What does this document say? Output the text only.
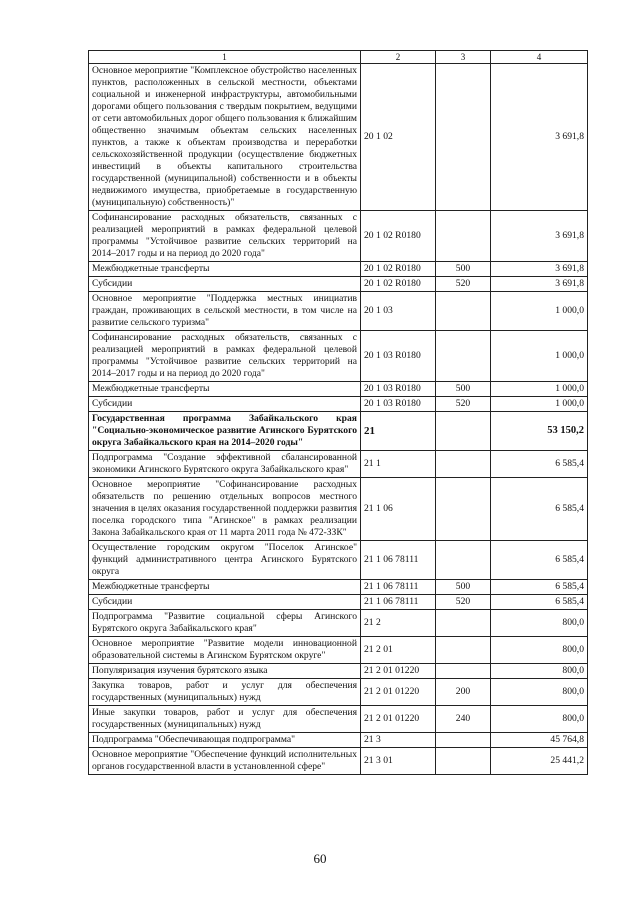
1	2	3	4
Основное мероприятие "Комплексное обустройство населенных пунктов, расположенных в сельской местности, объектами социальной и инженерной инфраструктуры, автомобильными дорогами общего пользования с твердым покрытием, ведущими от сети автомобильных дорог общего пользования к ближайшим общественно значимым объектам сельских населенных пунктов, а также к объектам производства и переработки сельскохозяйственной продукции (осуществление бюджетных инвестиций в объекты капитального строительства государственной (муниципальной) собственности и в объекты недвижимого имущества, приобретаемые в государственную (муниципальную) собственность)"	20 1 02		3 691,8
Софинансирование расходных обязательств, связанных с реализацией мероприятий в рамках федеральной целевой программы "Устойчивое развитие сельских территорий на 2014–2017 годы и на период до 2020 года"	20 1 02 R0180		3 691,8
Межбюджетные трансферты	20 1 02 R0180	500	3 691,8
Субсидии	20 1 02 R0180	520	3 691,8
Основное мероприятие "Поддержка местных инициатив граждан, проживающих в сельской местности, в том числе на развитие сельского туризма"	20 1 03		1 000,0
Софинансирование расходных обязательств, связанных с реализацией мероприятий в рамках федеральной целевой программы "Устойчивое развитие сельских территорий на 2014–2017 годы и на период до 2020 года"	20 1 03 R0180		1 000,0
Межбюджетные трансферты	20 1 03 R0180	500	1 000,0
Субсидии	20 1 03 R0180	520	1 000,0
Государственная программа Забайкальского края "Социально-экономическое развитие Агинского Бурятского округа Забайкальского края на 2014–2020 годы"	21		53 150,2
Подпрограмма "Создание эффективной сбалансированной экономики Агинского Бурятского округа Забайкальского края"	21 1		6 585,4
Основное мероприятие "Софинансирование расходных обязательств по решению отдельных вопросов местного значения в целях оказания государственной поддержки развития поселка городского типа "Агинское" в рамках реализации Закона Забайкальского края от 11 марта 2011 года № 472-ЗЗК"	21 1 06		6 585,4
Осуществление городским округом "Поселок Агинское" функций административного центра Агинского Бурятского округа	21 1 06 78111		6 585,4
Межбюджетные трансферты	21 1 06 78111	500	6 585,4
Субсидии	21 1 06 78111	520	6 585,4
Подпрограмма "Развитие социальной сферы Агинского Бурятского округа Забайкальского края"	21 2		800,0
Основное мероприятие "Развитие модели инновационной образовательной системы в Агинском Бурятском округе"	21 2 01		800,0
Популяризация изучения бурятского языка	21 2 01 01220		800,0
Закупка товаров, работ и услуг для обеспечения государственных (муниципальных) нужд	21 2 01 01220	200	800,0
Иные закупки товаров, работ и услуг для обеспечения государственных (муниципальных) нужд	21 2 01 01220	240	800,0
Подпрограмма "Обеспечивающая подпрограмма"	21 3		45 764,8
Основное мероприятие "Обеспечение функций исполнительных органов государственной власти в установленной сфере"	21 3 01		25 441,2
60
